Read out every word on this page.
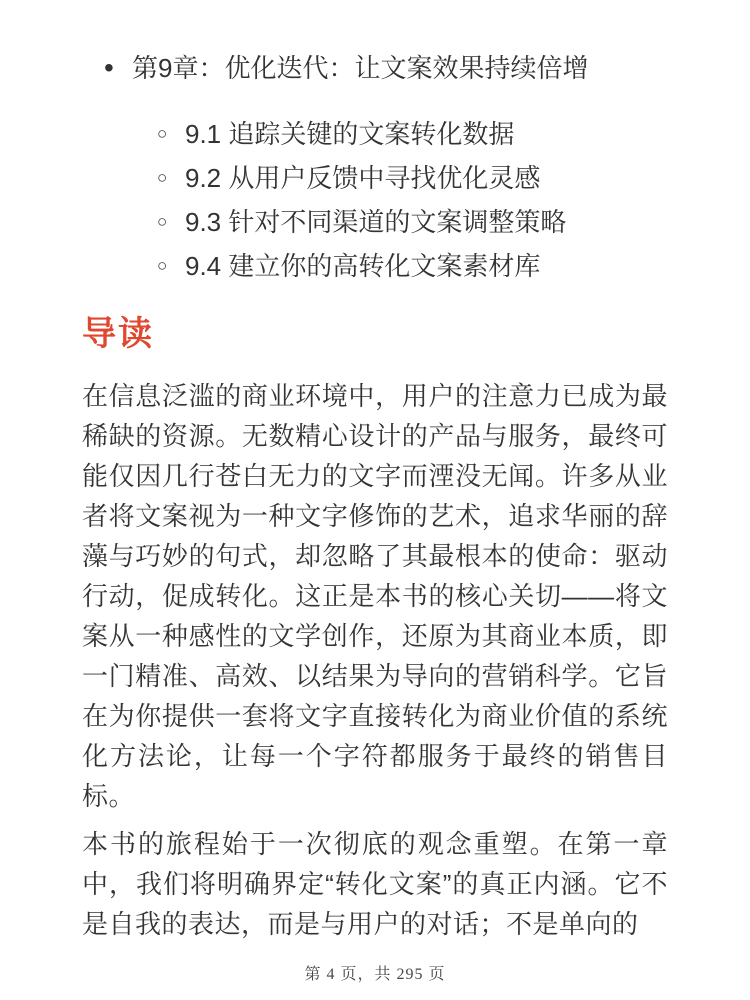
• 第9章：优化迭代：让文案效果持续倍增
○ 9.1 追踪关键的文案转化数据
○ 9.2 从用户反馈中寻找优化灵感
○ 9.3 针对不同渠道的文案调整策略
○ 9.4 建立你的高转化文案素材库
导读

在信息泛滥的商业环境中，用户的注意力已成为最稀缺的资源。无数精心设计的产品与服务，最终可能仅因几行苍白无力的文字而湮没无闻。许多从业者将文案视为一种文字修饰的艺术，追求华丽的辞藻与巧妙的句式，却忽略了其最根本的使命：驱动行动，促成转化。这正是本书的核心关切——将文案从一种感性的文学创作，还原为其商业本质，即一门精准、高效、以结果为导向的营销科学。它旨在为你提供一套将文字直接转化为商业价值的系统化方法论，让每一个字符都服务于最终的销售目标。

本书的旅程始于一次彻底的观念重塑。在第一章中，我们将明确界定“转化文案”的真正内涵。它不是自我的表达，而是与用户的对话；不是单向的

第 4 页，共 295 页
